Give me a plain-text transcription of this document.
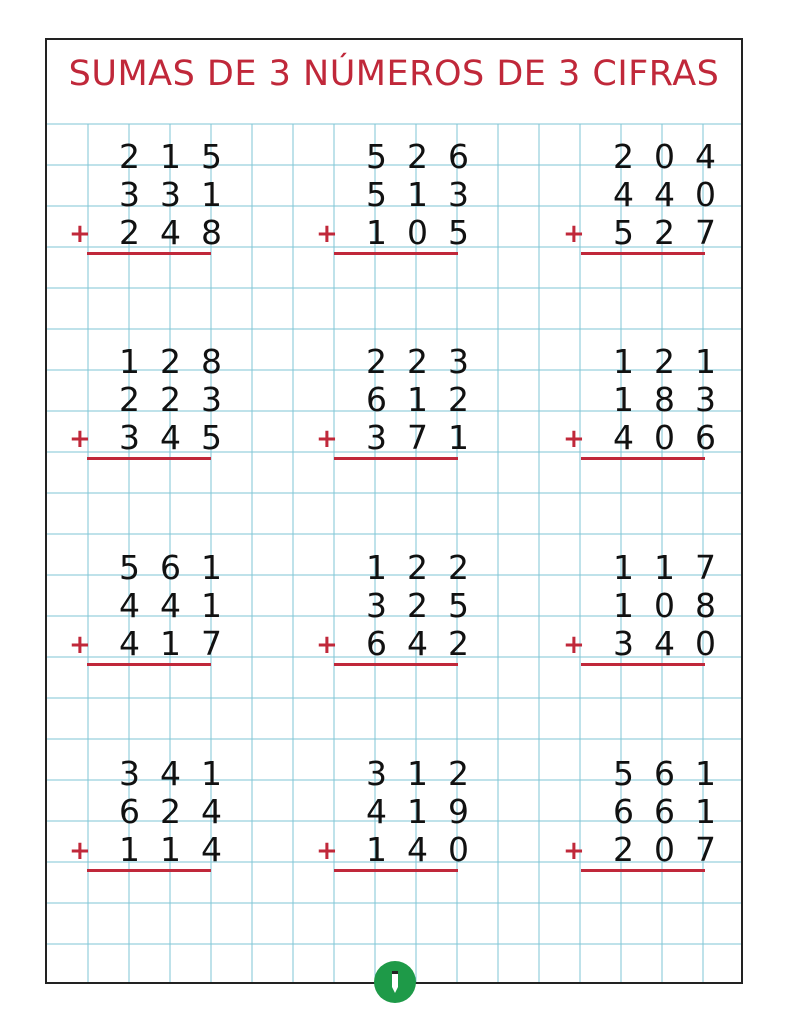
SUMAS DE 3 NÚMEROS DE 3 CIFRAS
2 1 5
3 3 1
2 4 8
+
5 2 6
5 1 3
1 0 5
+
2 0 4
4 4 0
5 2 7
+
1 2 8
2 2 3
3 4 5
+
2 2 3
6 1 2
3 7 1
+
1 2 1
1 8 3
4 0 6
+
5 6 1
4 4 1
4 1 7
+
1 2 2
3 2 5
6 4 2
+
1 1 7
1 0 8
3 4 0
+
3 4 1
6 2 4
1 1 4
+
3 1 2
4 1 9
1 4 0
+
5 6 1
6 6 1
2 0 7
+
